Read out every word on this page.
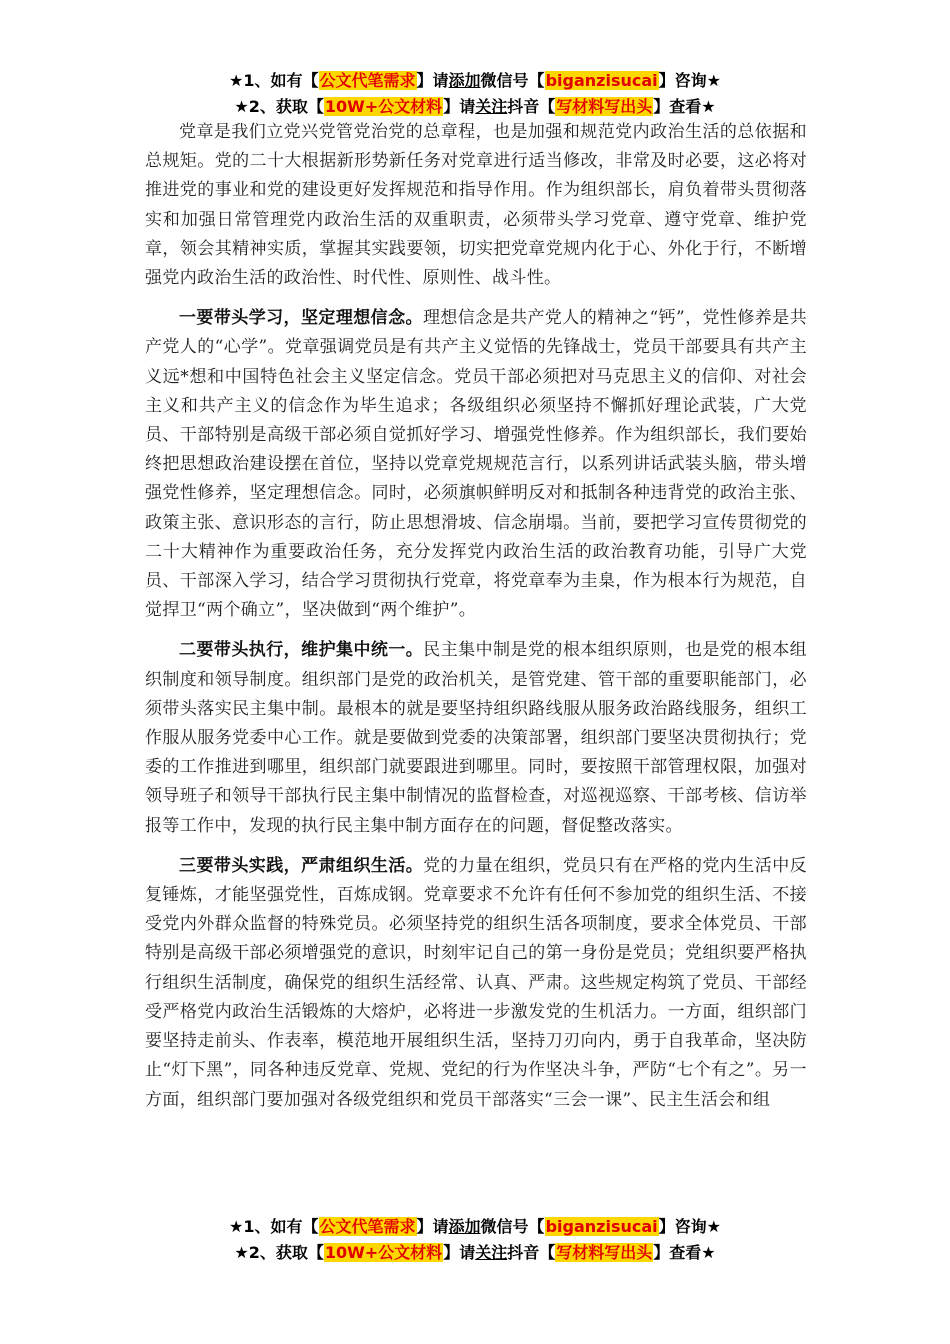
★1、如有【公文代笔需求】请添加微信号【biganzisucai】咨询★
★2、获取【10W+公文材料】请关注抖音【写材料写出头】查看★

党章是我们立党兴党管党治党的总章程，也是加强和规范党内政治生活的总依据和总规矩。党的二十大根据新形势新任务对党章进行适当修改，非常及时必要，这必将对推进党的事业和党的建设更好发挥规范和指导作用。作为组织部长，肩负着带头贯彻落实和加强日常管理党内政治生活的双重职责，必须带头学习党章、遵守党章、维护党章，领会其精神实质，掌握其实践要领，切实把党章党规内化于心、外化于行，不断增强党内政治生活的政治性、时代性、原则性、战斗性。

一要带头学习，坚定理想信念。理想信念是共产党人的精神之“钙”，党性修养是共产党人的“心学”。党章强调党员是有共产主义觉悟的先锋战士，党员干部要具有共产主义远*想和中国特色社会主义坚定信念。党员干部必须把对马克思主义的信仰、对社会主义和共产主义的信念作为毕生追求；各级组织必须坚持不懈抓好理论武装，广大党员、干部特别是高级干部必须自觉抓好学习、增强党性修养。作为组织部长，我们要始终把思想政治建设摆在首位，坚持以党章党规规范言行，以系列讲话武装头脑，带头增强党性修养，坚定理想信念。同时，必须旗帜鲜明反对和抵制各种违背党的政治主张、政策主张、意识形态的言行，防止思想滑坡、信念崩塌。当前，要把学习宣传贯彻党的二十大精神作为重要政治任务，充分发挥党内政治生活的政治教育功能，引导广大党员、干部深入学习，结合学习贯彻执行党章，将党章奉为圭臬，作为根本行为规范，自觉捍卫“两个确立”，坚决做到“两个维护”。

二要带头执行，维护集中统一。民主集中制是党的根本组织原则，也是党的根本组织制度和领导制度。组织部门是党的政治机关，是管党建、管干部的重要职能部门，必须带头落实民主集中制。最根本的就是要坚持组织路线服从服务政治路线服务，组织工作服从服务党委中心工作。就是要做到党委的决策部署，组织部门要坚决贯彻执行；党委的工作推进到哪里，组织部门就要跟进到哪里。同时，要按照干部管理权限，加强对领导班子和领导干部执行民主集中制情况的监督检查，对巡视巡察、干部考核、信访举报等工作中，发现的执行民主集中制方面存在的问题，督促整改落实。

三要带头实践，严肃组织生活。党的力量在组织，党员只有在严格的党内生活中反复锤炼，才能坚强党性，百炼成钢。党章要求不允许有任何不参加党的组织生活、不接受党内外群众监督的特殊党员。必须坚持党的组织生活各项制度，要求全体党员、干部特别是高级干部必须增强党的意识，时刻牢记自己的第一身份是党员；党组织要严格执行组织生活制度，确保党的组织生活经常、认真、严肃。这些规定构筑了党员、干部经受严格党内政治生活锻炼的大熔炉，必将进一步激发党的生机活力。一方面，组织部门要坚持走前头、作表率，模范地开展组织生活，坚持刀刃向内，勇于自我革命，坚决防止“灯下黑”，同各种违反党章、党规、党纪的行为作坚决斗争，严防“七个有之”。另一方面，组织部门要加强对各级党组织和党员干部落实“三会一课”、民主生活会和组

★1、如有【公文代笔需求】请添加微信号【biganzisucai】咨询★
★2、获取【10W+公文材料】请关注抖音【写材料写出头】查看★
